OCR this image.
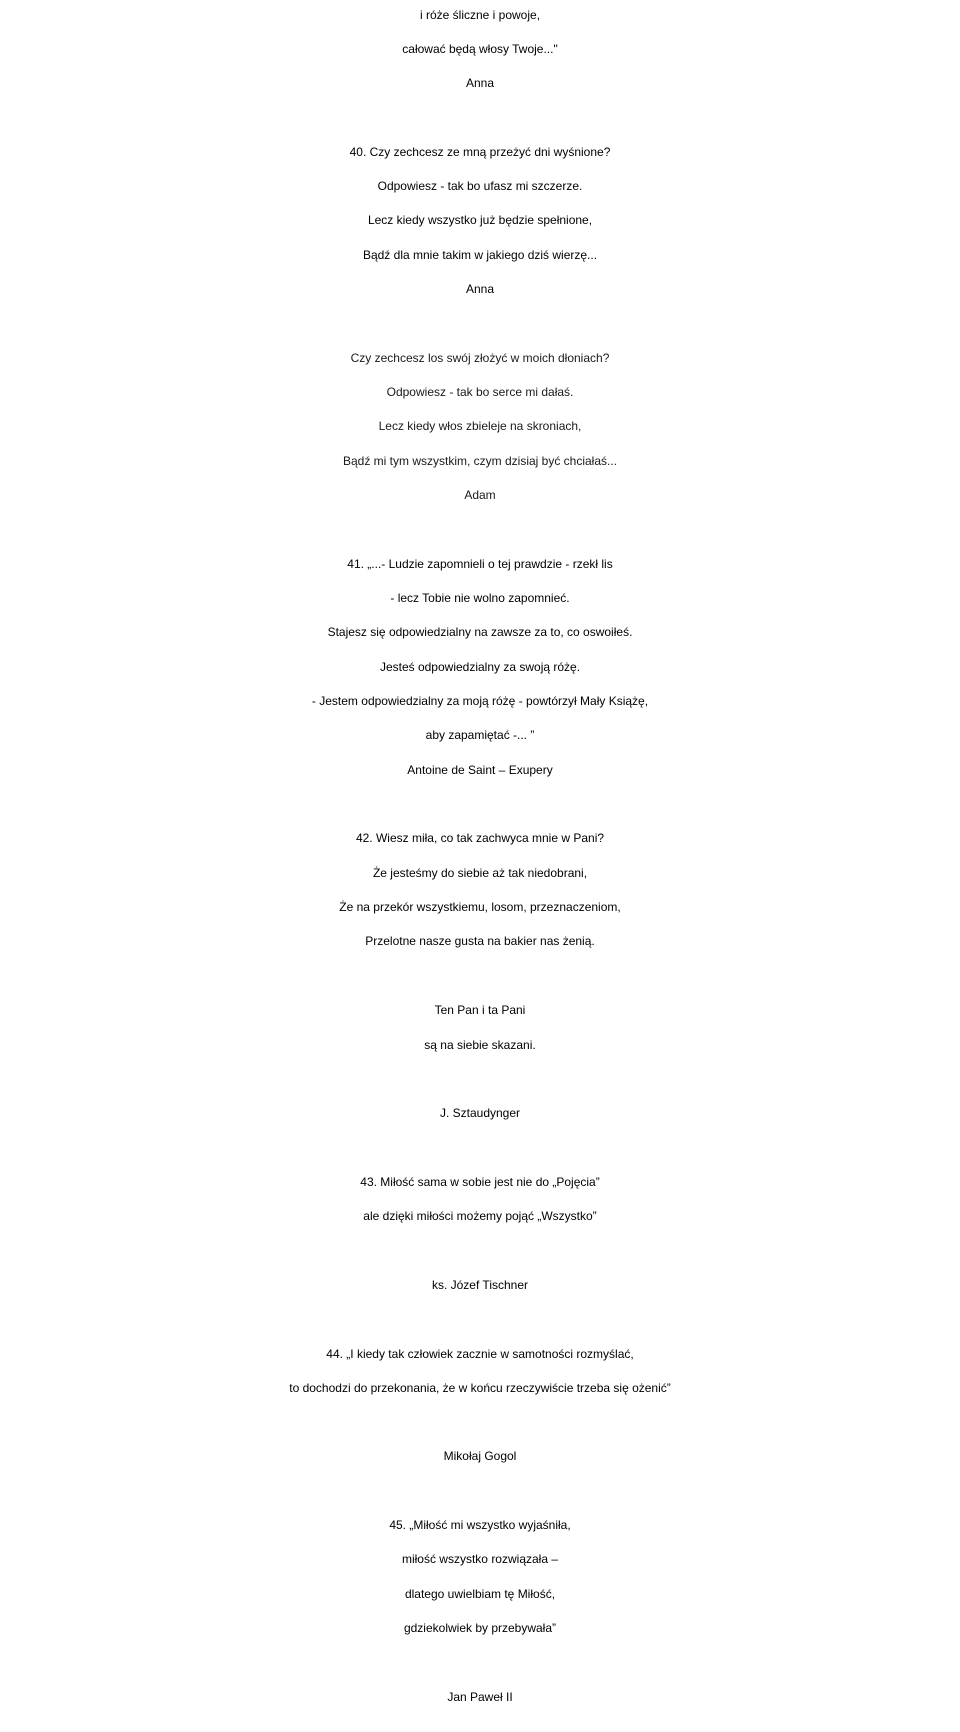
i róże śliczne i powoje,
całować będą włosy Twoje..."
Anna
40. Czy zechcesz ze mną przeżyć dni wyśnione?
Odpowiesz - tak bo ufasz mi szczerze.
Lecz kiedy wszystko już będzie spełnione,
Bądź dla mnie takim w jakiego dziś wierzę...
Anna
Czy zechcesz los swój złożyć w moich dłoniach?
Odpowiesz - tak bo serce mi dałaś.
Lecz kiedy włos zbieleje na skroniach,
Bądź mi tym wszystkim, czym dzisiaj być chciałaś...
Adam
41. „...- Ludzie zapomnieli o tej prawdzie - rzekł lis
- lecz Tobie nie wolno zapomnieć.
Stajesz się odpowiedzialny na zawsze za to, co oswoiłeś.
Jesteś odpowiedzialny za swoją różę.
- Jestem odpowiedzialny za moją różę - powtórzył Mały Książę,
aby zapamiętać -... ”
Antoine de Saint – Exupery
42. Wiesz miła, co tak zachwyca mnie w Pani?
Że jesteśmy do siebie aż tak niedobrani,
Że na przekór wszystkiemu, losom, przeznaczeniom,
Przelotne nasze gusta na bakier nas żenią.
Ten Pan i ta Pani
są na siebie skazani.
J. Sztaudynger
43. Miłość sama w sobie jest nie do „Pojęcia”
ale dzięki miłości możemy pojąć „Wszystko”
ks. Józef Tischner
44. „I kiedy tak człowiek zacznie w samotności rozmyślać,
to dochodzi do przekonania, że w końcu rzeczywiście trzeba się ożenić”
Mikołaj Gogol
45. „Miłość mi wszystko wyjaśniła,
miłość wszystko rozwiązała –
dlatego uwielbiam tę Miłość,
gdziekolwiek by przebywała”
Jan Paweł II
